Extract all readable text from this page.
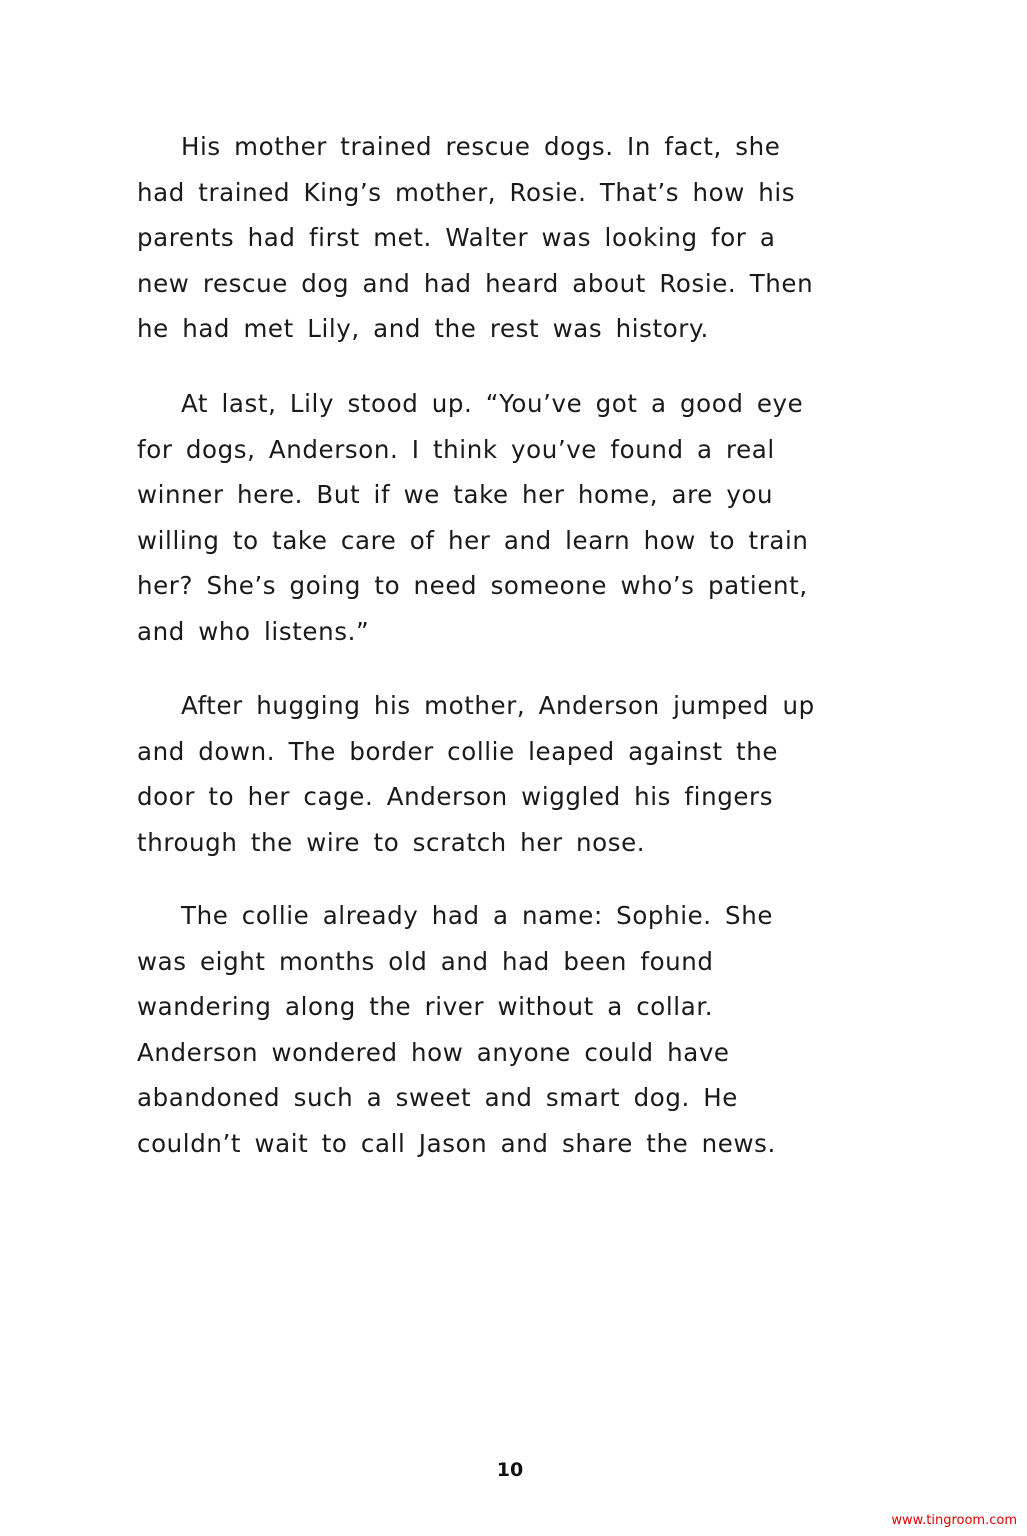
His mother trained rescue dogs. In fact, she
had trained King’s mother, Rosie. That’s how his
parents had first met. Walter was looking for a
new rescue dog and had heard about Rosie. Then
he had met Lily, and the rest was history.
At last, Lily stood up. “You’ve got a good eye
for dogs, Anderson. I think you’ve found a real
winner here. But if we take her home, are you
willing to take care of her and learn how to train
her? She’s going to need someone who’s patient,
and who listens.”
After hugging his mother, Anderson jumped up
and down. The border collie leaped against the
door to her cage. Anderson wiggled his fingers
through the wire to scratch her nose.
The collie already had a name: Sophie. She
was eight months old and had been found
wandering along the river without a collar.
Anderson wondered how anyone could have
abandoned such a sweet and smart dog. He
couldn’t wait to call Jason and share the news.
10
www.tingroom.com
